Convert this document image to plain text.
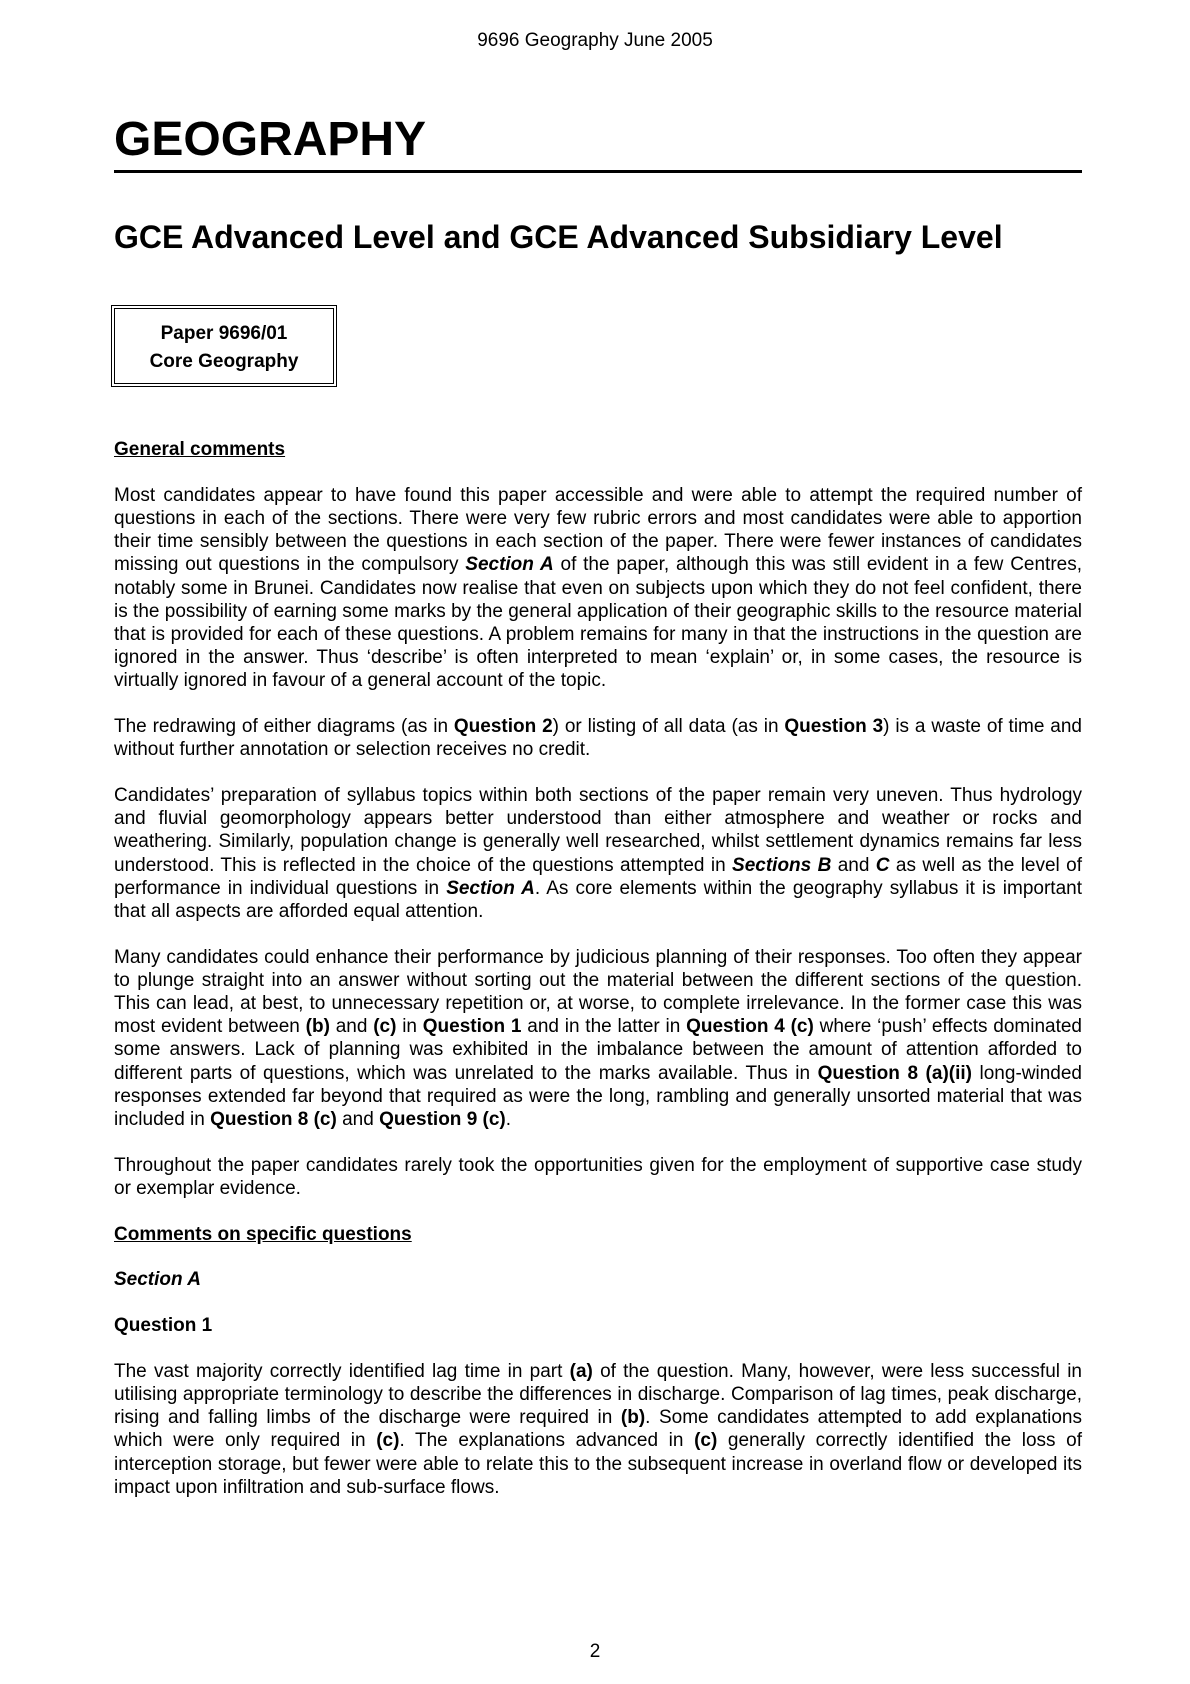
9696 Geography June 2005
GEOGRAPHY
GCE Advanced Level and GCE Advanced Subsidiary Level
Paper 9696/01
Core Geography

General comments

Most candidates appear to have found this paper accessible and were able to attempt the required number of questions in each of the sections. There were very few rubric errors and most candidates were able to apportion their time sensibly between the questions in each section of the paper. There were fewer instances of candidates missing out questions in the compulsory Section A of the paper, although this was still evident in a few Centres, notably some in Brunei. Candidates now realise that even on subjects upon which they do not feel confident, there is the possibility of earning some marks by the general application of their geographic skills to the resource material that is provided for each of these questions. A problem remains for many in that the instructions in the question are ignored in the answer. Thus ‘describe’ is often interpreted to mean ‘explain’ or, in some cases, the resource is virtually ignored in favour of a general account of the topic.

The redrawing of either diagrams (as in Question 2) or listing of all data (as in Question 3) is a waste of time and without further annotation or selection receives no credit.

Candidates’ preparation of syllabus topics within both sections of the paper remain very uneven. Thus hydrology and fluvial geomorphology appears better understood than either atmosphere and weather or rocks and weathering. Similarly, population change is generally well researched, whilst settlement dynamics remains far less understood. This is reflected in the choice of the questions attempted in Sections B and C as well as the level of performance in individual questions in Section A. As core elements within the geography syllabus it is important that all aspects are afforded equal attention.

Many candidates could enhance their performance by judicious planning of their responses. Too often they appear to plunge straight into an answer without sorting out the material between the different sections of the question. This can lead, at best, to unnecessary repetition or, at worse, to complete irrelevance. In the former case this was most evident between (b) and (c) in Question 1 and in the latter in Question 4 (c) where ‘push’ effects dominated some answers. Lack of planning was exhibited in the imbalance between the amount of attention afforded to different parts of questions, which was unrelated to the marks available. Thus in Question 8 (a)(ii) long-winded responses extended far beyond that required as were the long, rambling and generally unsorted material that was included in Question 8 (c) and Question 9 (c).

Throughout the paper candidates rarely took the opportunities given for the employment of supportive case study or exemplar evidence.

Comments on specific questions

Section A

Question 1

The vast majority correctly identified lag time in part (a) of the question. Many, however, were less successful in utilising appropriate terminology to describe the differences in discharge. Comparison of lag times, peak discharge, rising and falling limbs of the discharge were required in (b). Some candidates attempted to add explanations which were only required in (c). The explanations advanced in (c) generally correctly identified the loss of interception storage, but fewer were able to relate this to the subsequent increase in overland flow or developed its impact upon infiltration and sub-surface flows.

2
